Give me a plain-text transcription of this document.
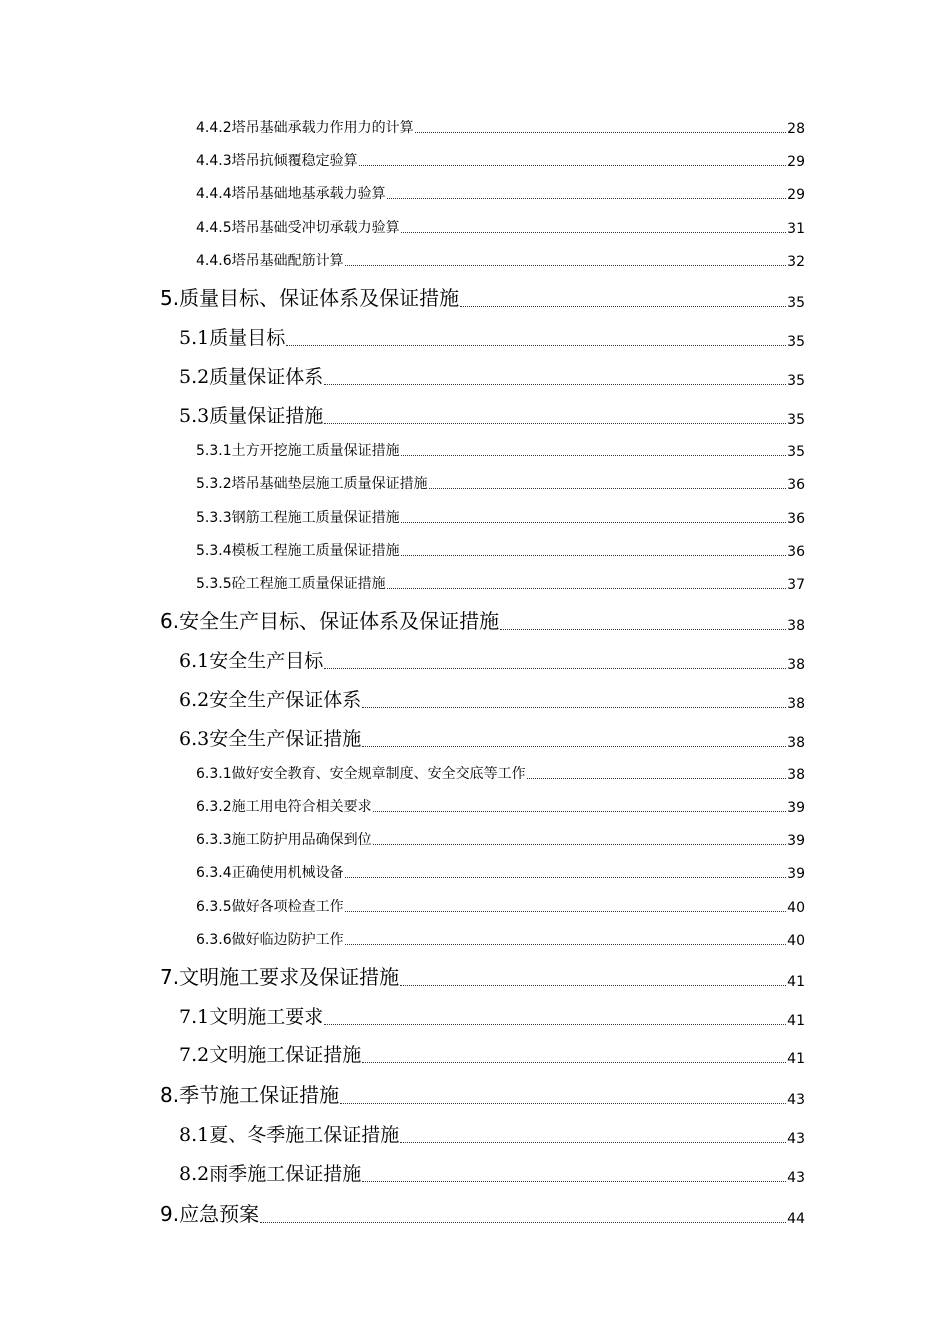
4.4.2塔吊基础承载力作用力的计算	28
4.4.3塔吊抗倾覆稳定验算	29
4.4.4塔吊基础地基承载力验算	29
4.4.5塔吊基础受冲切承载力验算	31
4.4.6塔吊基础配筋计算	32
5.质量目标、保证体系及保证措施	35
5.1质量目标	35
5.2质量保证体系	35
5.3质量保证措施	35
5.3.1土方开挖施工质量保证措施	35
5.3.2塔吊基础垫层施工质量保证措施	36
5.3.3钢筋工程施工质量保证措施	36
5.3.4模板工程施工质量保证措施	36
5.3.5砼工程施工质量保证措施	37
6.安全生产目标、保证体系及保证措施	38
6.1安全生产目标	38
6.2安全生产保证体系	38
6.3安全生产保证措施	38
6.3.1做好安全教育、安全规章制度、安全交底等工作	38
6.3.2施工用电符合相关要求	39
6.3.3施工防护用品确保到位	39
6.3.4正确使用机械设备	39
6.3.5做好各项检查工作	40
6.3.6做好临边防护工作	40
7.文明施工要求及保证措施	41
7.1文明施工要求	41
7.2文明施工保证措施	41
8.季节施工保证措施	43
8.1夏、冬季施工保证措施	43
8.2雨季施工保证措施	43
9.应急预案	44
